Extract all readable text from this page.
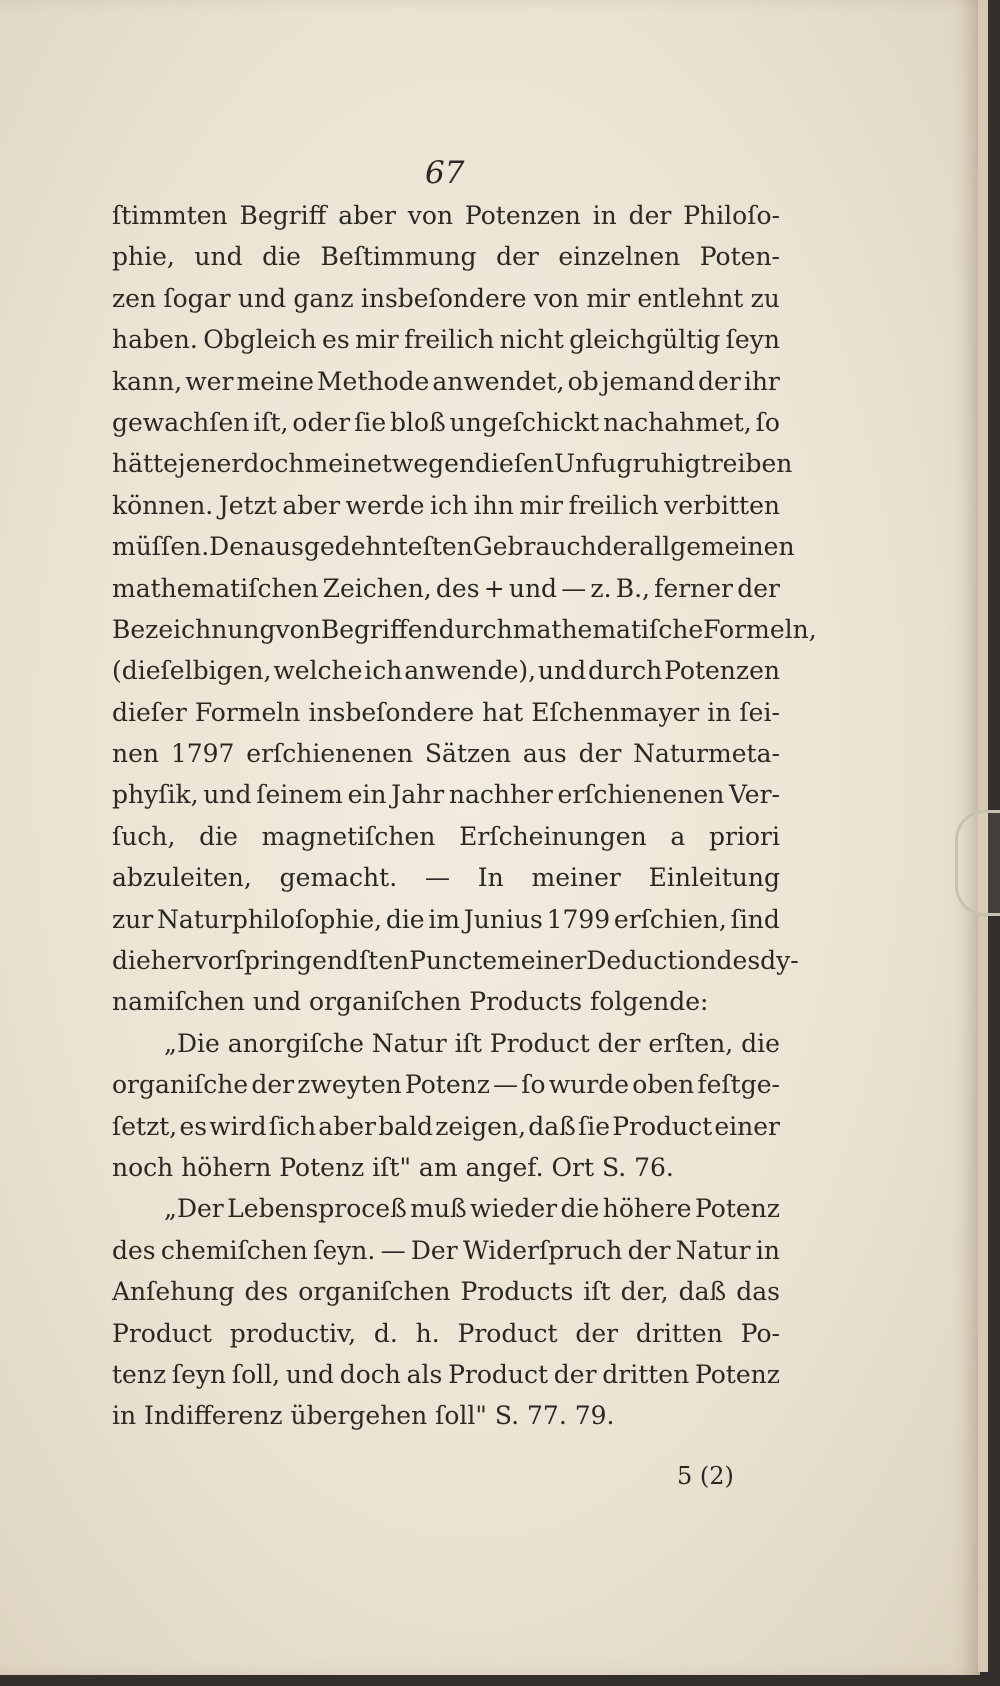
67
ſtimmten Begriff aber von Potenzen in der Philoſo-
phie, und die Beſtimmung der einzelnen Poten-
zen ſogar und ganz insbeſondere von mir entlehnt zu
haben. Obgleich es mir freilich nicht gleichgültig ſeyn
kann, wer meine Methode anwendet, ob jemand der ihr
gewachſen iſt, oder ſie bloß ungeſchickt nachahmet, ſo
hätte jener doch meinetwegen dieſen Unfug ruhig treiben
können. Jetzt aber werde ich ihn mir freilich verbitten
müſſen. Den ausgedehnteſten Gebrauch der allgemeinen
mathematiſchen Zeichen, des + und — z. B., ferner der
Bezeichnung von Begriffen durch mathematiſche Formeln,
(dieſelbigen, welche ich anwende), und durch Potenzen
dieſer Formeln insbeſondere hat Eſchenmayer in ſei-
nen 1797 erſchienenen Sätzen aus der Naturmeta-
phyſik, und ſeinem ein Jahr nachher erſchienenen Ver-
ſuch, die magnetiſchen Erſcheinungen a priori
abzuleiten, gemacht. — In meiner Einleitung
zur Naturphiloſophie, die im Junius 1799 erſchien, ſind
die hervorſpringendſten Puncte meiner Deduction des dy-
namiſchen und organiſchen Products folgende:
„Die anorgiſche Natur iſt Product der erſten, die
organiſche der zweyten Potenz — ſo wurde oben feſtge-
ſetzt, es wird ſich aber bald zeigen, daß ſie Product einer
noch höhern Potenz iſt" am angef. Ort S. 76.
„Der Lebensproceß muß wieder die höhere Potenz
des chemiſchen ſeyn. — Der Widerſpruch der Natur in
Anſehung des organiſchen Products iſt der, daß das
Product productiv, d. h. Product der dritten Po-
tenz ſeyn ſoll, und doch als Product der dritten Potenz
in Indifferenz übergehen ſoll" S. 77. 79.
5 (2)
